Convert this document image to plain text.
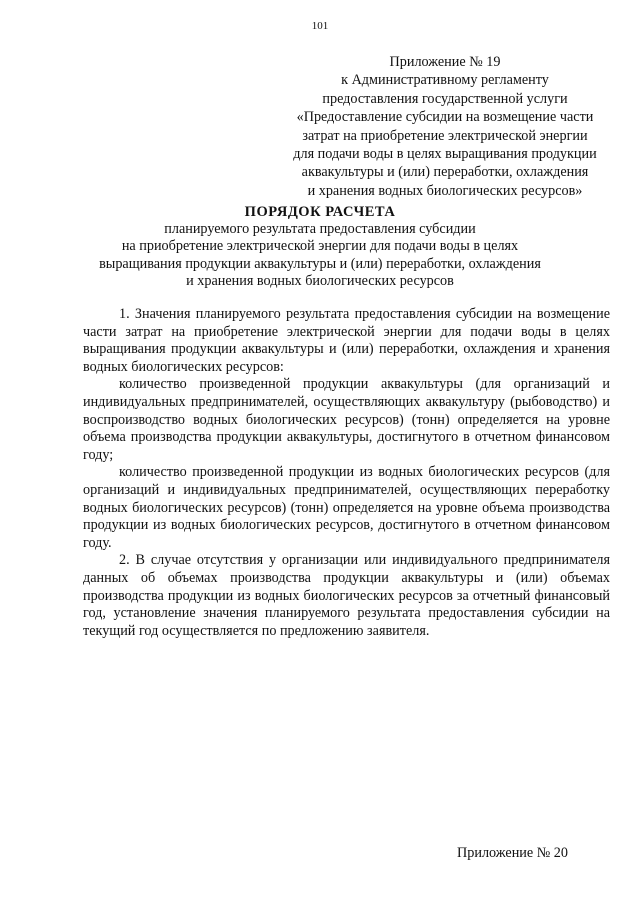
101
Приложение № 19
к Административному регламенту
предоставления государственной услуги
«Предоставление субсидии на возмещение части
затрат на приобретение электрической энергии
для подачи воды в целях выращивания продукции
аквакультуры и (или) переработки, охлаждения
и хранения водных биологических ресурсов»
ПОРЯДОК РАСЧЕТА
планируемого результата предоставления субсидии
на приобретение электрической энергии для подачи воды в целях
выращивания продукции аквакультуры и (или) переработки, охлаждения
и хранения водных биологических ресурсов

1. Значения планируемого результата предоставления субсидии на возмещение части затрат на приобретение электрической энергии для подачи воды в целях выращивания продукции аквакультуры и (или) переработки, охлаждения и хранения водных биологических ресурсов:

количество произведенной продукции аквакультуры (для организаций и индивидуальных предпринимателей, осуществляющих аквакультуру (рыбоводство) и воспроизводство водных биологических ресурсов) (тонн) определяется на уровне объема производства продукции аквакультуры, достигнутого в отчетном финансовом году;

количество произведенной продукции из водных биологических ресурсов (для организаций и индивидуальных предпринимателей, осуществляющих переработку водных биологических ресурсов) (тонн) определяется на уровне объема производства продукции из водных биологических ресурсов, достигнутого в отчетном финансовом году.

2. В случае отсутствия у организации или индивидуального предпринимателя данных об объемах производства продукции аквакультуры и (или) объемах производства продукции из водных биологических ресурсов за отчетный финансовый год, установление значения планируемого результата предоставления субсидии на текущий год осуществляется по предложению заявителя.

Приложение № 20
